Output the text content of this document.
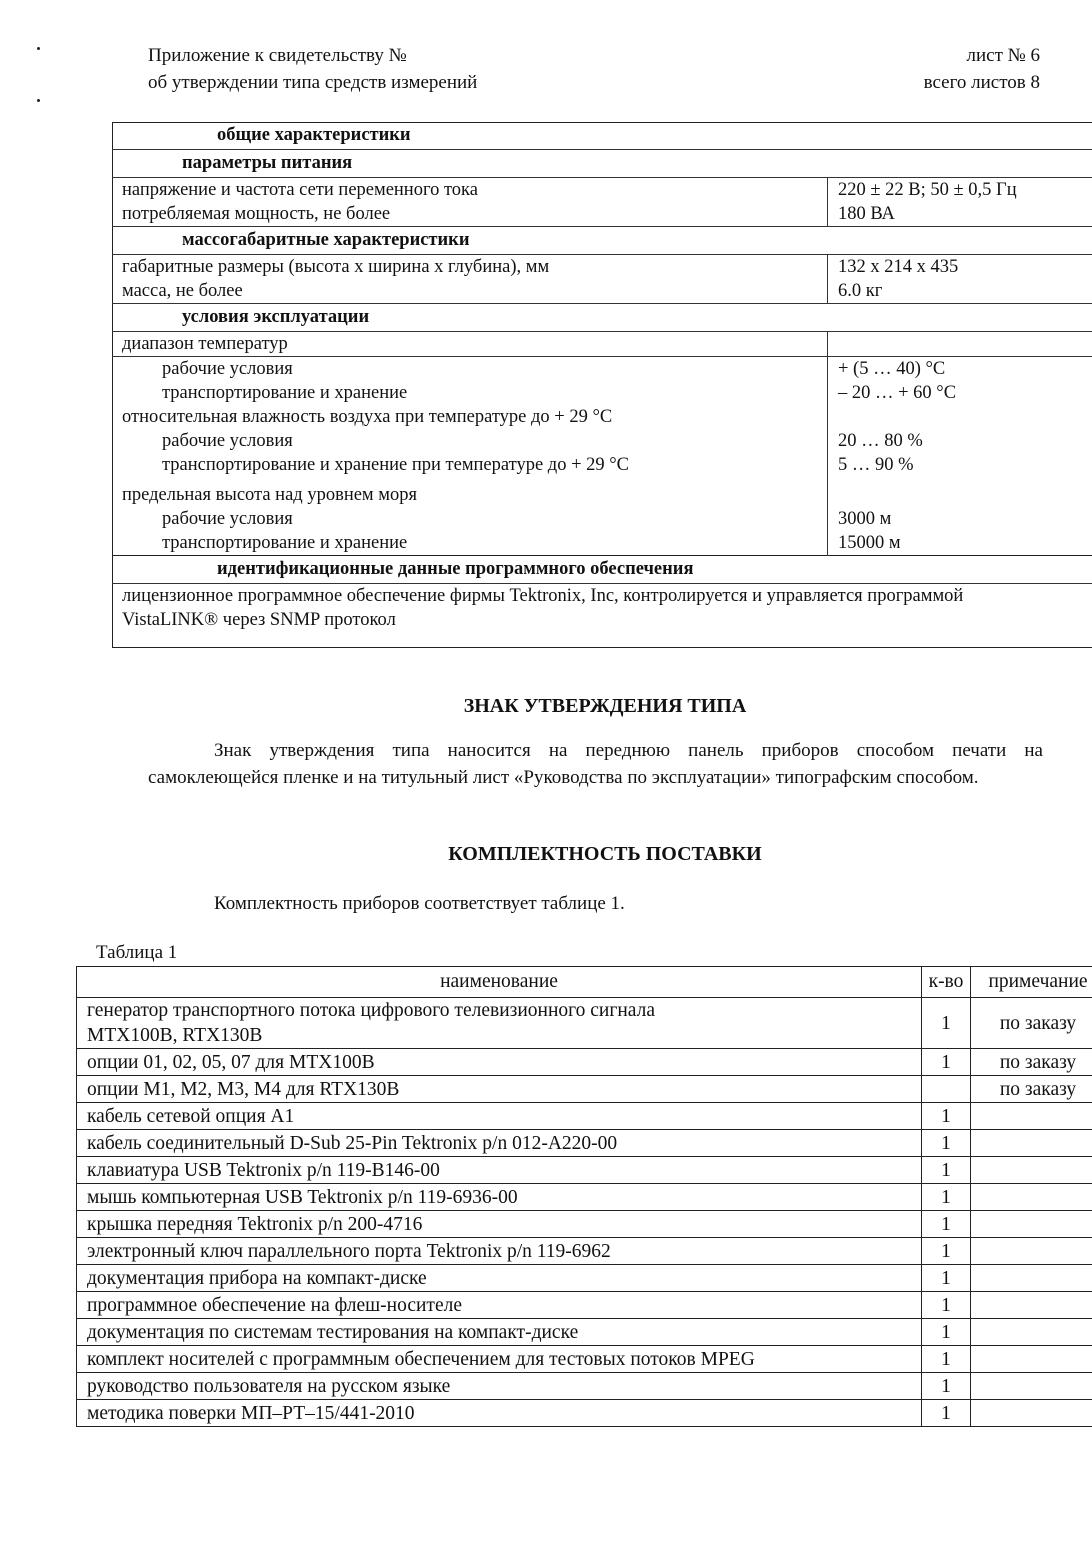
Приложение к свидетельству №
об утверждении типа средств измерений
лист № 6
всего листов 8
общие характеристики	
параметры питания	
напряжение и частота сети переменного тока	220 ± 22 В; 50 ± 0,5 Гц
потребляемая мощность, не более	180 ВА
массогабаритные характеристики	
габаритные размеры (высота х ширина х глубина), мм	132 х 214 х 435
масса, не более	6.0 кг
условия эксплуатации	
диапазон температур	
рабочие условия	+ (5 … 40) °С
транспортирование и хранение	– 20 … + 60 °С
относительная влажность воздуха при температуре до + 29 °С	
рабочие условия	20 … 80 %
транспортирование и хранение при температуре до + 29 °С	5 … 90 %
предельная высота над уровнем моря	
рабочие условия	3000 м
транспортирование и хранение	15000 м
идентификационные данные программного обеспечения	
лицензионное программное обеспечение фирмы Tektronix, Inc, контролируется и управляется программой	
VistaLINK® через SNMP протокол	
ЗНАК УТВЕРЖДЕНИЯ ТИПА
Знак утверждения типа наносится на переднюю панель приборов способом печати на самоклеющейся пленке и на титульный лист «Руководства по эксплуатации» типографским способом.
КОМПЛЕКТНОСТЬ ПОСТАВКИ
Комплектность приборов соответствует таблице 1.
Таблица 1
наименование	к-во	примечание

генератор транспортного потока цифрового телевизионного сигнала
MTX100B, RTX130B	1	по заказу
опции 01, 02, 05, 07 для MTX100B	1	по заказу
опции M1, M2, M3, M4 для RTX130B		по заказу
кабель сетевой опция А1	1	
кабель соединительный D-Sub 25-Pin Tektronix p/n 012-A220-00	1	
клавиатура USB Tektronix p/n 119-B146-00	1	
мышь компьютерная USB Tektronix p/n 119-6936-00	1	
крышка передняя Tektronix p/n 200-4716	1	
электронный ключ параллельного порта Tektronix p/n 119-6962	1	
документация прибора на компакт-диске	1	
программное обеспечение на флеш-носителе	1	
документация по системам тестирования на компакт-диске	1	
комплект носителей с программным обеспечением для тестовых потоков MPEG	1	
руководство пользователя на русском языке	1	
методика поверки МП–РТ–15/441-2010	1	
